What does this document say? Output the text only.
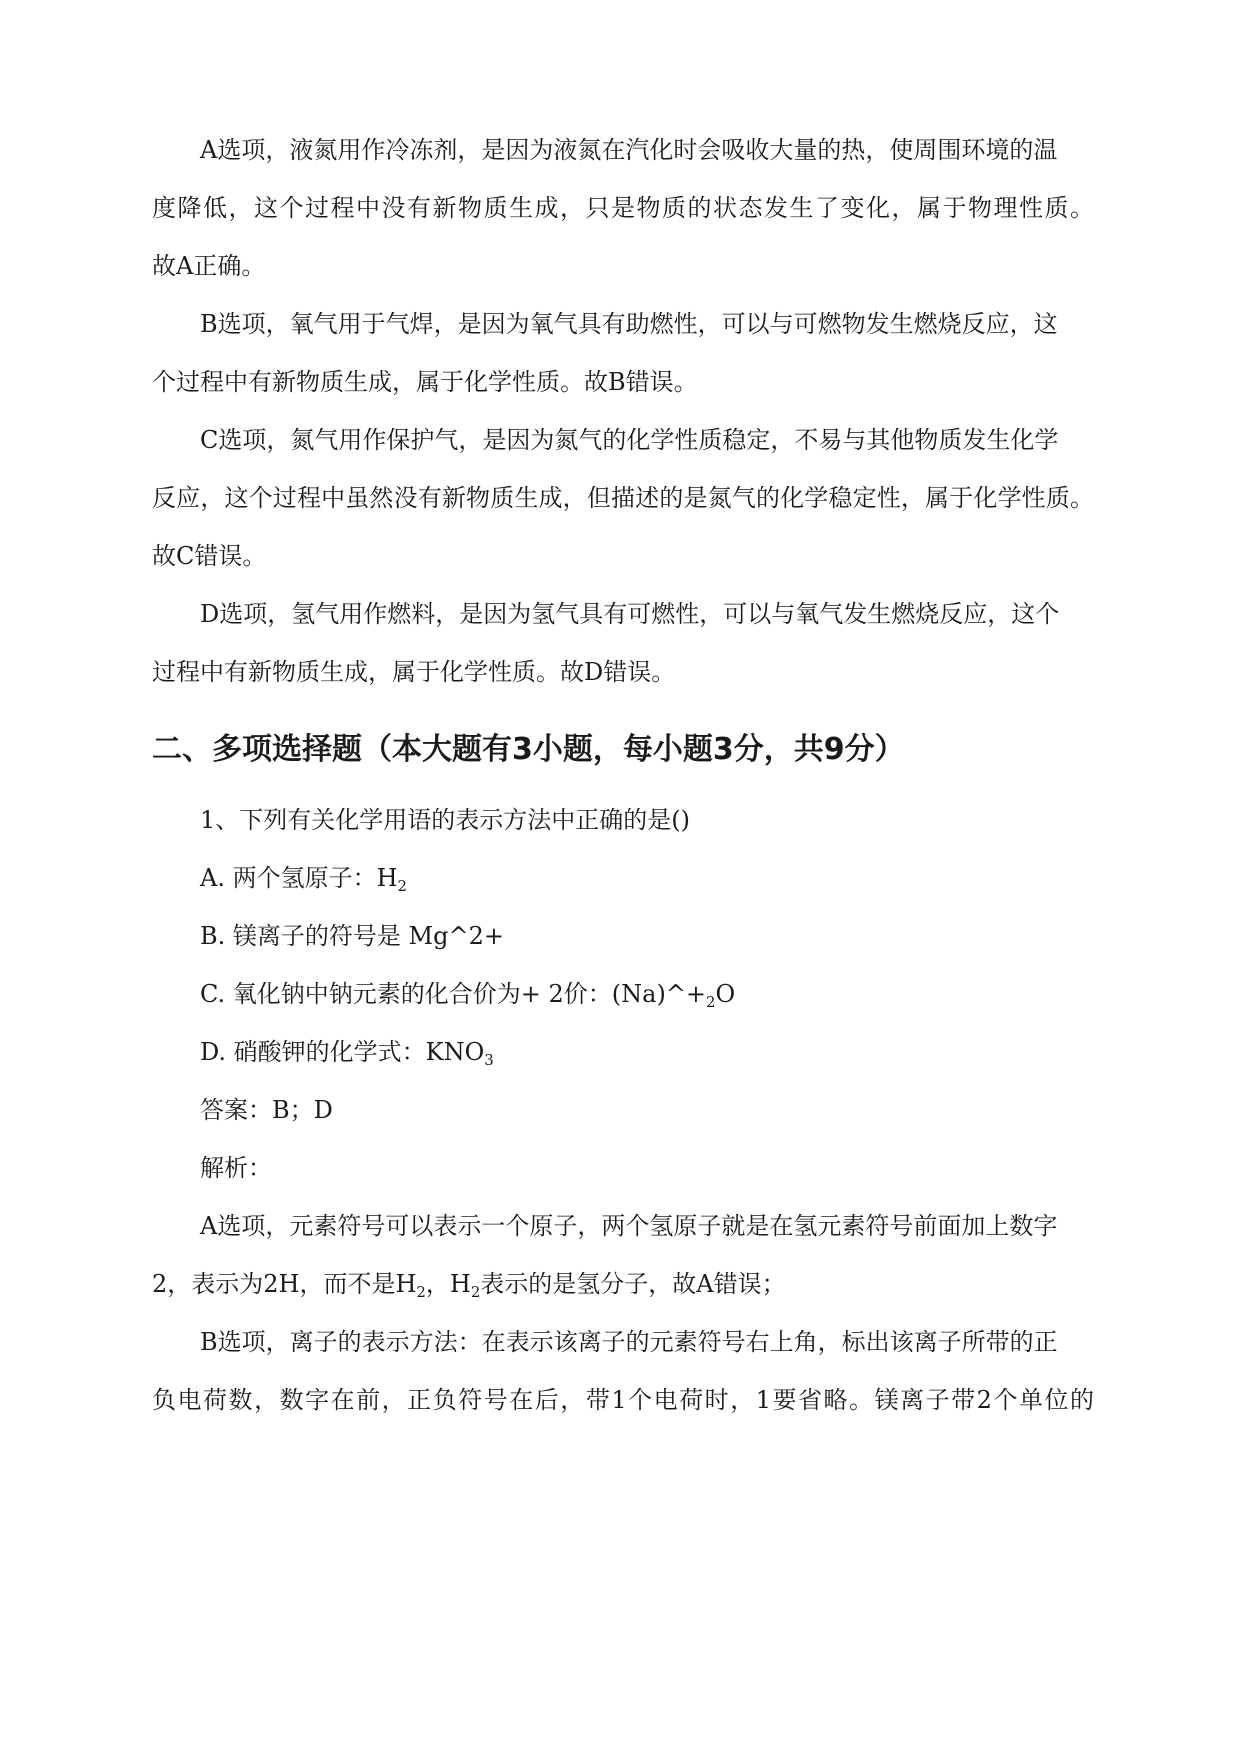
A选项，液氮用作冷冻剂，是因为液氮在汽化时会吸收大量的热，使周围环境的温

度降低，这个过程中没有新物质生成，只是物质的状态发生了变化，属于物理性质。

故A正确。

B选项，氧气用于气焊，是因为氧气具有助燃性，可以与可燃物发生燃烧反应，这

个过程中有新物质生成，属于化学性质。故B错误。

C选项，氮气用作保护气，是因为氮气的化学性质稳定，不易与其他物质发生化学

反应，这个过程中虽然没有新物质生成，但描述的是氮气的化学稳定性，属于化学性质。

故C错误。

D选项，氢气用作燃料，是因为氢气具有可燃性，可以与氧气发生燃烧反应，这个

过程中有新物质生成，属于化学性质。故D错误。

二、多项选择题（本大题有3小题，每小题3分，共9分）

1、下列有关化学用语的表示方法中正确的是()

A. 两个氢原子：$H_2$

B. 镁离子的符号是 Mg^2+

C. 氧化钠中钠元素的化合价为+ 2价：$(Na)\^{}+_2O$

D. 硝酸钾的化学式：$KNO_3$

答案：B；D

解析：

A选项，元素符号可以表示一个原子，两个氢原子就是在氢元素符号前面加上数字

2，表示为2H，而不是$H_2$，$H_2$表示的是氢分子，故A错误；

B选项，离子的表示方法：在表示该离子的元素符号右上角，标出该离子所带的正

负电荷数，数字在前，正负符号在后，带1个电荷时，1要省略。镁离子带2个单位的
